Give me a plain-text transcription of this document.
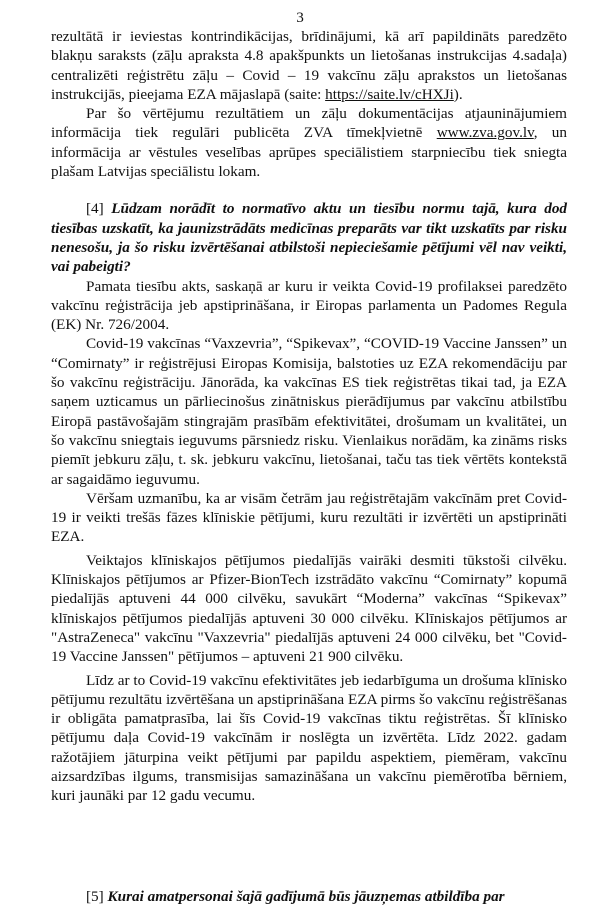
3

rezultātā ir ieviestas kontrindikācijas, brīdinājumi, kā arī papildināts paredzēto blakņu saraksts (zāļu apraksta 4.8 apakšpunkts un lietošanas instrukcijas 4.sadaļa) centralizēti reģistrētu zāļu – Covid – 19 vakcīnu zāļu aprakstos un lietošanas instrukcijās, pieejama EZA mājaslapā (saite: https://saite.lv/cHXJi).

Par šo vērtējumu rezultātiem un zāļu dokumentācijas atjauninājumiem informācija tiek regulāri publicēta ZVA tīmekļvietnē www.zva.gov.lv, un informācija ar vēstules veselības aprūpes speciālistiem starpniecību tiek sniegta plašam Latvijas speciālistu lokam.

[4] Lūdzam norādīt to normatīvo aktu un tiesību normu tajā, kura dod tiesības uzskatīt, ka jaunizstrādāts medicīnas preparāts var tikt uzskatīts par risku nenesošu, ja šo risku izvērtēšanai atbilstoši nepieciešamie pētījumi vēl nav veikti, vai pabeigti?

Pamata tiesību akts, saskaņā ar kuru ir veikta Covid-19 profilaksei paredzēto vakcīnu reģistrācija jeb apstiprināšana, ir Eiropas parlamenta un Padomes Regula (EK) Nr. 726/2004.

Covid-19 vakcīnas “Vaxzevria”, “Spikevax”, “COVID-19 Vaccine Janssen” un “Comirnaty” ir reģistrējusi Eiropas Komisija, balstoties uz EZA rekomendāciju par šo vakcīnu reģistrāciju. Jānorāda, ka vakcīnas ES tiek reģistrētas tikai tad, ja EZA saņem uzticamus un pārliecinošus zinātniskus pierādījumus par vakcīnu atbilstību Eiropā pastāvošajām stingrajām prasībām efektivitātei, drošumam un kvalitātei, un šo vakcīnu sniegtais ieguvums pārsniedz risku. Vienlaikus norādām, ka zināms risks piemīt jebkuru zāļu, t. sk. jebkuru vakcīnu, lietošanai, taču tas tiek vērtēts kontekstā ar sagaidāmo ieguvumu.

Vēršam uzmanību, ka ar visām četrām jau reģistrētajām vakcīnām pret Covid-19 ir veikti trešās fāzes klīniskie pētījumi, kuru rezultāti ir izvērtēti un apstiprināti EZA.

Veiktajos klīniskajos pētījumos piedalījās vairāki desmiti tūkstoši cilvēku. Klīniskajos pētījumos ar Pfizer-BionTech izstrādāto vakcīnu “Comirnaty” kopumā piedalījās aptuveni 44 000 cilvēku, savukārt “Moderna” vakcīnas “Spikevax” klīniskajos pētījumos piedalījās aptuveni 30 000 cilvēku. Klīniskajos pētījumos ar "AstraZeneca" vakcīnu "Vaxzevria" piedalījās aptuveni 24 000 cilvēku, bet "Covid-19 Vaccine Janssen" pētījumos – aptuveni 21 900 cilvēku.

Līdz ar to Covid-19 vakcīnu efektivitātes jeb iedarbīguma un drošuma klīnisko pētījumu rezultātu izvērtēšana un apstiprināšana EZA pirms šo vakcīnu reģistrēšanas ir obligāta pamatprasība, lai šīs Covid-19 vakcīnas tiktu reģistrētas. Šī klīnisko pētījumu daļa Covid-19 vakcīnām ir noslēgta un izvērtēta. Līdz 2022. gadam ražotājiem jāturpina veikt pētījumi par papildu aspektiem, piemēram, vakcīnu aizsardzības ilgums, transmisijas samazināšana un vakcīnu piemērotība bērniem, kuri jaunāki par 12 gadu vecumu.

[5] Kurai amatpersonai šajā gadījumā būs jāuzņemas atbildība par
